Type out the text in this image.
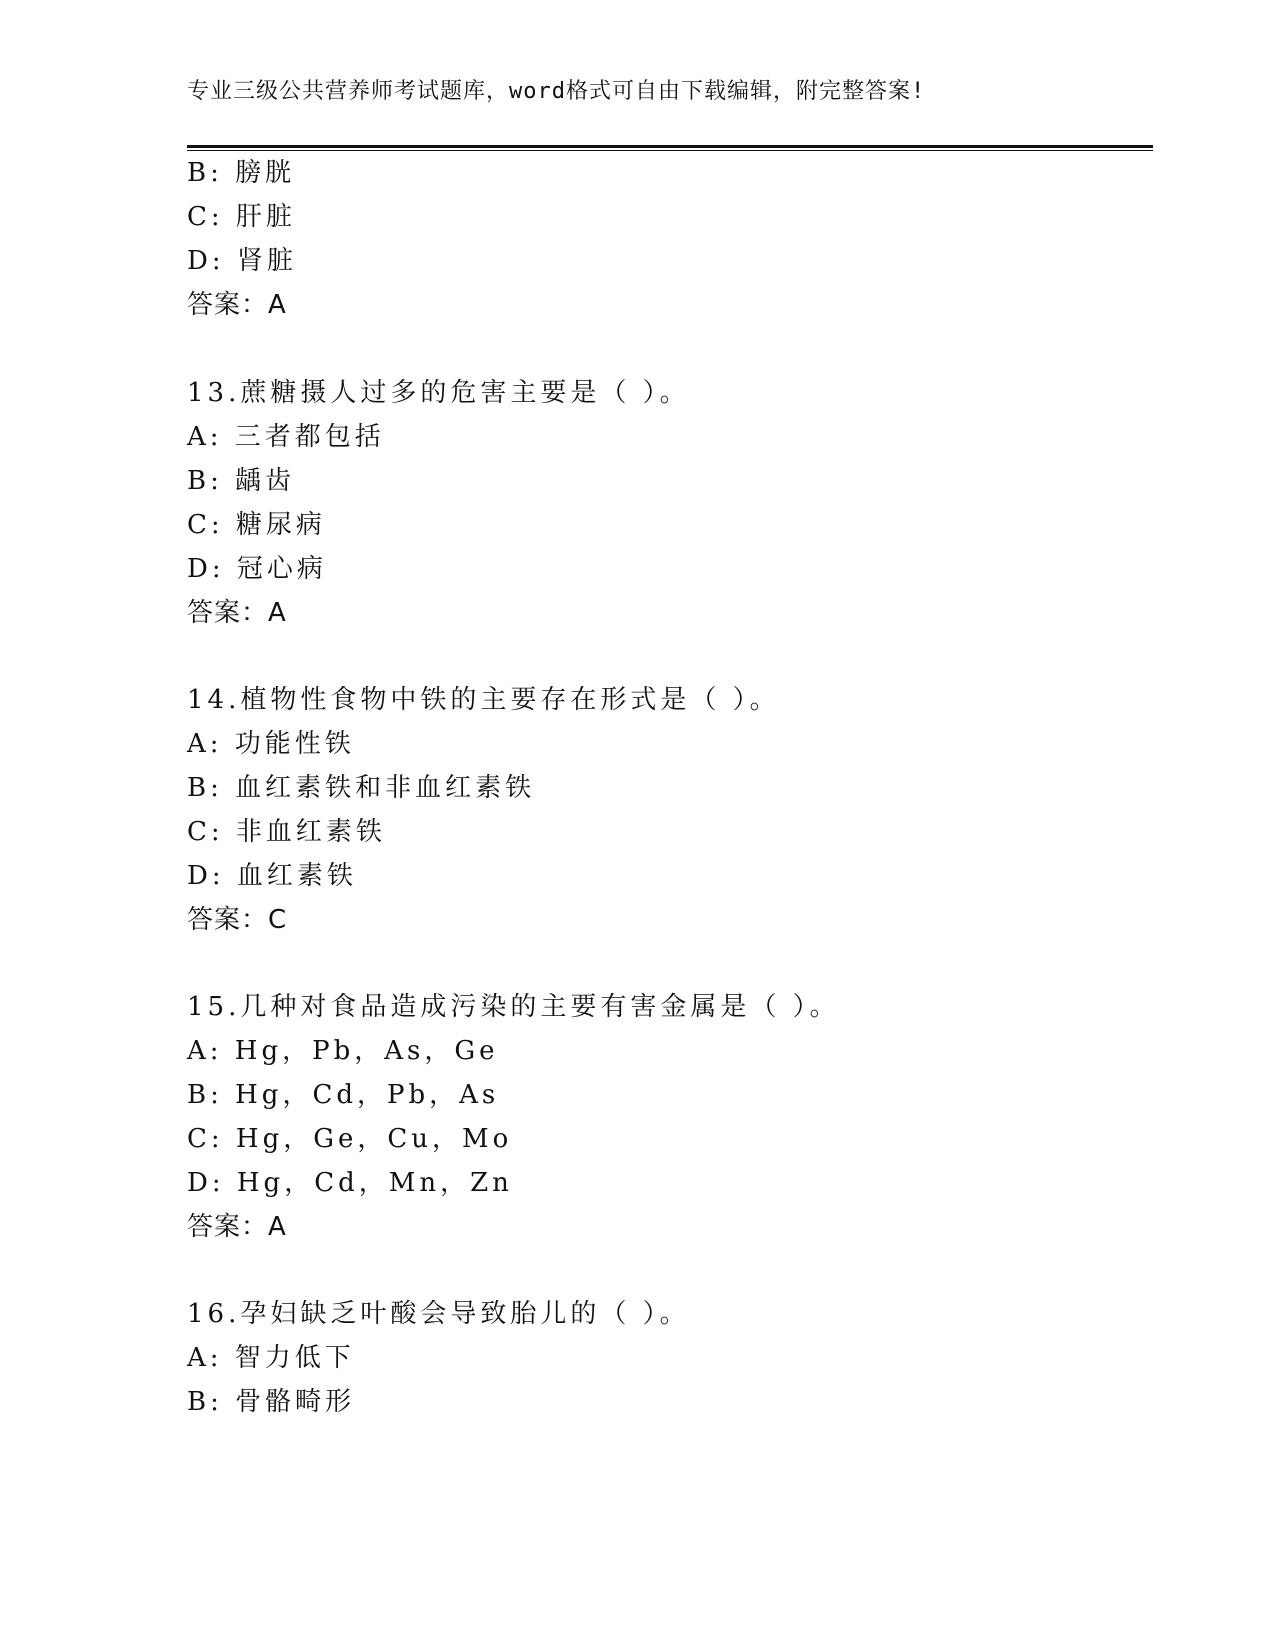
专业三级公共营养师考试题库，word格式可自由下载编辑，附完整答案!
B: 膀胱
C: 肝脏
D: 肾脏
答案：A
13.蔗糖摄人过多的危害主要是（ ）。
A: 三者都包括
B: 龋齿
C: 糖尿病
D: 冠心病
答案：A
14.植物性食物中铁的主要存在形式是（ ）。
A: 功能性铁
B: 血红素铁和非血红素铁
C: 非血红素铁
D: 血红素铁
答案：C
15.几种对食品造成污染的主要有害金属是（ ）。
A: Hg，Pb，As，Ge
B: Hg，Cd，Pb，As
C: Hg，Ge，Cu，Mo
D: Hg，Cd，Mn，Zn
答案：A
16.孕妇缺乏叶酸会导致胎儿的（ ）。
A: 智力低下
B: 骨骼畸形
